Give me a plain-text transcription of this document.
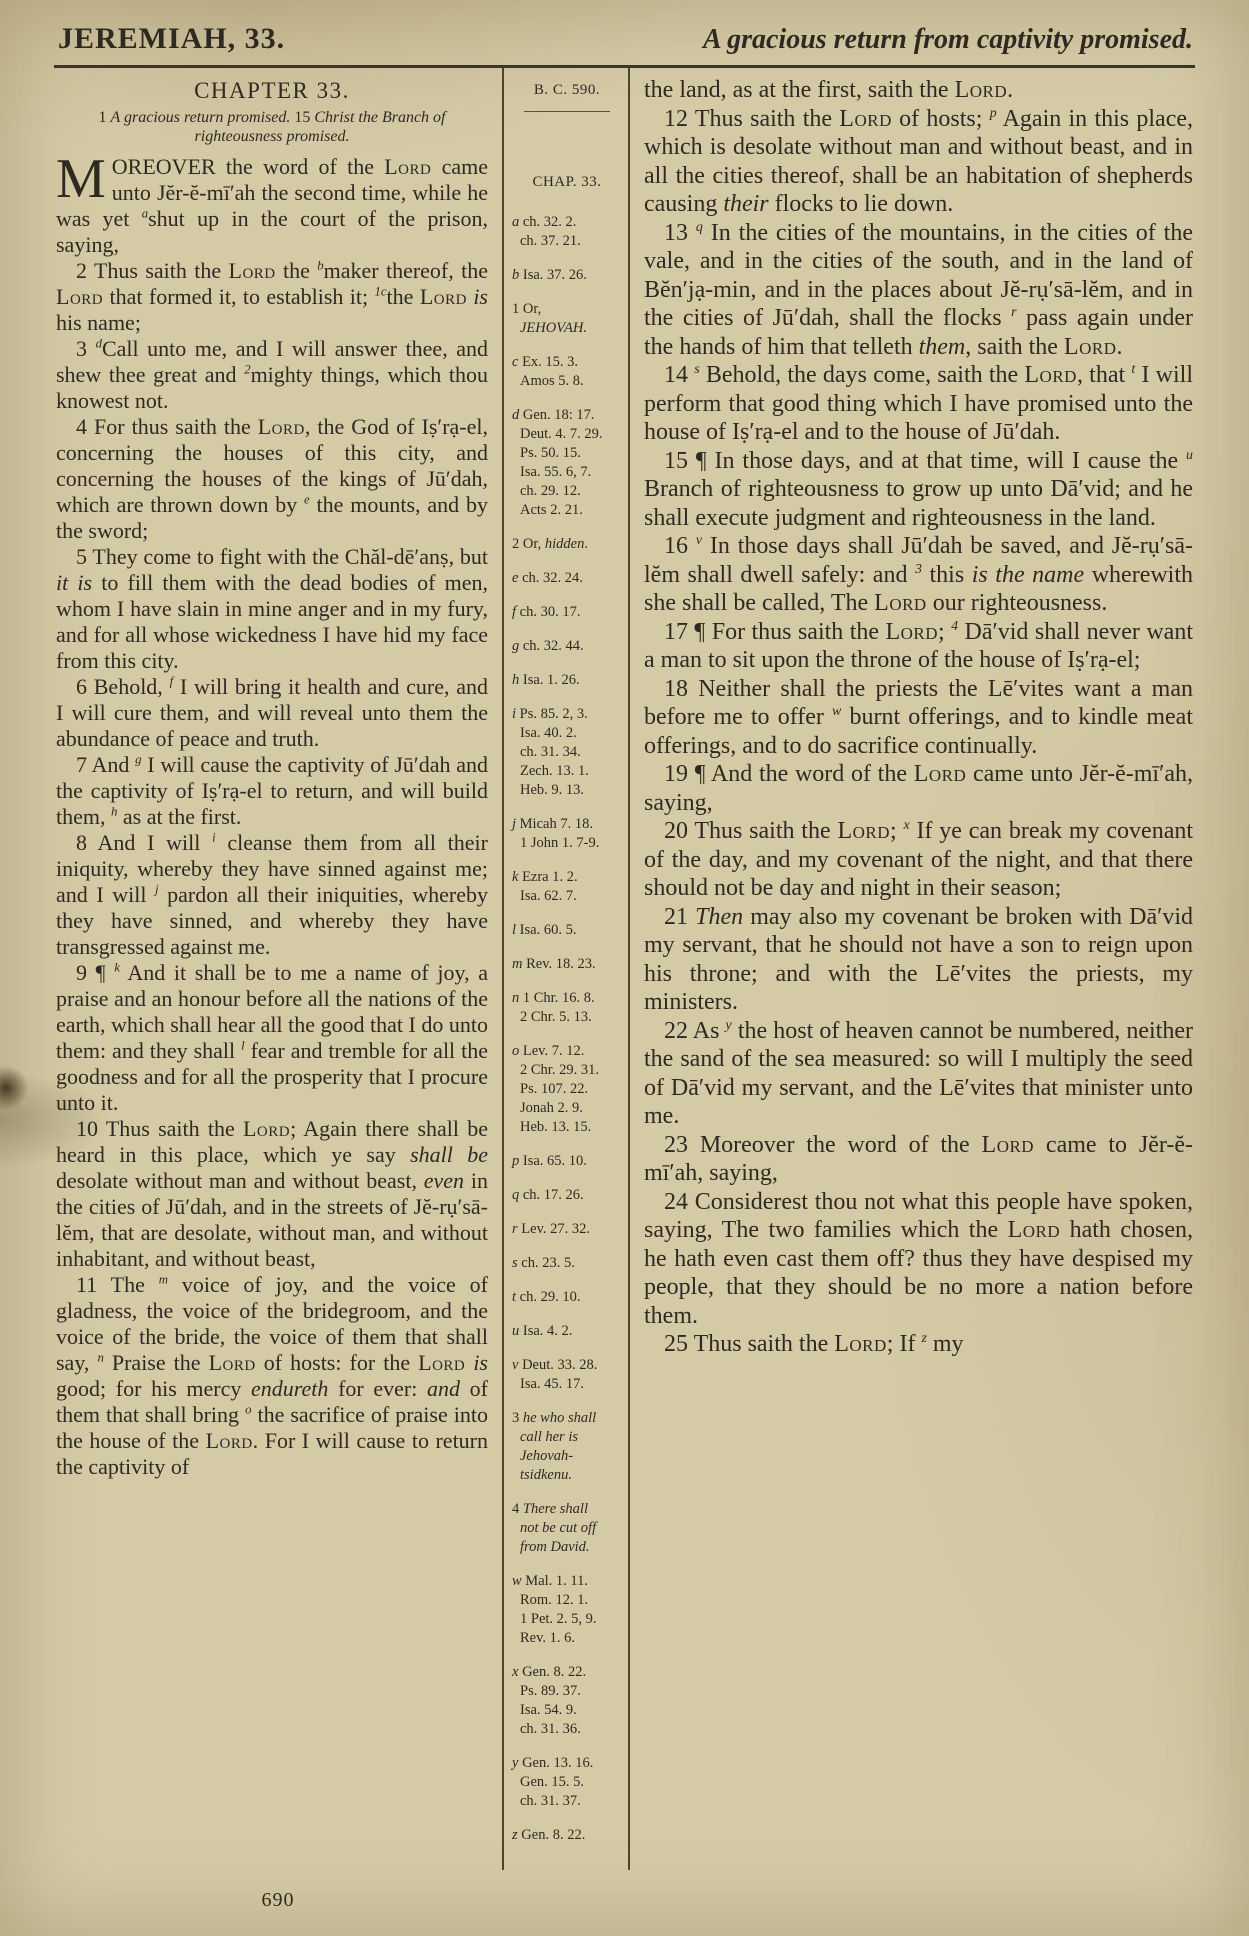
JEREMIAH, 33.	A gracious return from captivity promised.
CHAPTER 33.
1 A gracious return promised. 15 Christ the Branch of righteousness promised.

MOREOVER the word of the Lord came unto Jĕr-ĕ-mī′ah the second time, while he was yet $^a$shut up in the court of the prison, saying,

2 Thus saith the Lord the $^b$maker thereof, the Lord that formed it, to establish it; $^{1c}$the Lord is his name;

3 $^d$Call unto me, and I will answer thee, and shew thee great and $^2$mighty things, which thou knowest not.

4 For thus saith the Lord, the God of Iṣ′rạ-el, concerning the houses of this city, and concerning the houses of the kings of Jū′dah, which are thrown down by $^e$ the mounts, and by the sword;

5 They come to fight with the Chăl-dē′anṣ, but it is to fill them with the dead bodies of men, whom I have slain in mine anger and in my fury, and for all whose wickedness I have hid my face from this city.

6 Behold, $^f$ I will bring it health and cure, and I will cure them, and will reveal unto them the abundance of peace and truth.

7 And $^g$ I will cause the captivity of Jū′dah and the captivity of Iṣ′rạ-el to return, and will build them, $^h$ as at the first.

8 And I will $^i$ cleanse them from all their iniquity, whereby they have sinned against me; and I will $^j$ pardon all their iniquities, whereby they have sinned, and whereby they have transgressed against me.

9 ¶ $^k$ And it shall be to me a name of joy, a praise and an honour before all the nations of the earth, which shall hear all the good that I do unto them: and they shall $^l$ fear and tremble for all the goodness and for all the prosperity that I procure unto it.

10 Thus saith the Lord; Again there shall be heard in this place, which ye say shall be desolate without man and without beast, even in the cities of Jū′dah, and in the streets of Jĕ-rụ′sā-lĕm, that are desolate, without man, and without inhabitant, and without beast,

11 The $^m$ voice of joy, and the voice of gladness, the voice of the bridegroom, and the voice of the bride, the voice of them that shall say, $^n$ Praise the Lord of hosts: for the Lord is good; for his mercy endureth for ever: and of them that shall bring $^o$ the sacrifice of praise into the house of the Lord. For I will cause to return the captivity of

B. C. 590.
CHAP. 33.
a ch. 32. 2.
ch. 37. 21.
b Isa. 37. 26.
1 Or,
JEHOVAH.
c Ex. 15. 3.
Amos 5. 8.
d Gen. 18: 17.
Deut. 4. 7. 29.
Ps. 50. 15.
Isa. 55. 6, 7.
ch. 29. 12.
Acts 2. 21.
2 Or, hidden.
e ch. 32. 24.
f ch. 30. 17.
g ch. 32. 44.
h Isa. 1. 26.
i Ps. 85. 2, 3.
Isa. 40. 2.
ch. 31. 34.
Zech. 13. 1.
Heb. 9. 13.
j Micah 7. 18.
1 John 1. 7-9.
k Ezra 1. 2.
Isa. 62. 7.
l Isa. 60. 5.
m Rev. 18. 23.
n 1 Chr. 16. 8.
2 Chr. 5. 13.
o Lev. 7. 12.
2 Chr. 29. 31.
Ps. 107. 22.
Jonah 2. 9.
Heb. 13. 15.
p Isa. 65. 10.
q ch. 17. 26.
r Lev. 27. 32.
s ch. 23. 5.
t ch. 29. 10.
u Isa. 4. 2.
v Deut. 33. 28.
Isa. 45. 17.
3 he who shall
call her is
Jehovah-
tsidkenu.
4 There shall
not be cut off
from David.
w Mal. 1. 11.
Rom. 12. 1.
1 Pet. 2. 5, 9.
Rev. 1. 6.
x Gen. 8. 22.
Ps. 89. 37.
Isa. 54. 9.
ch. 31. 36.
y Gen. 13. 16.
Gen. 15. 5.
ch. 31. 37.
z Gen. 8. 22.

the land, as at the first, saith the Lord.

12 Thus saith the Lord of hosts; $^p$ Again in this place, which is desolate without man and without beast, and in all the cities thereof, shall be an habitation of shepherds causing their flocks to lie down.

13 $^q$ In the cities of the mountains, in the cities of the vale, and in the cities of the south, and in the land of Bĕn′jạ-min, and in the places about Jĕ-rụ′sā-lĕm, and in the cities of Jū′dah, shall the flocks $^r$ pass again under the hands of him that telleth them, saith the Lord.

14 $^s$ Behold, the days come, saith the Lord, that $^t$ I will perform that good thing which I have promised unto the house of Iṣ′rạ-el and to the house of Jū′dah.

15 ¶ In those days, and at that time, will I cause the $^u$ Branch of righteousness to grow up unto Dā′vid; and he shall execute judgment and righteousness in the land.

16 $^v$ In those days shall Jū′dah be saved, and Jĕ-rụ′sā-lĕm shall dwell safely: and $^3$ this is the name wherewith she shall be called, The Lord our righteousness.

17 ¶ For thus saith the Lord; $^4$ Dā′vid shall never want a man to sit upon the throne of the house of Iṣ′rạ-el;

18 Neither shall the priests the Lē′vites want a man before me to offer $^w$ burnt offerings, and to kindle meat offerings, and to do sacrifice continually.

19 ¶ And the word of the Lord came unto Jĕr-ĕ-mī′ah, saying,

20 Thus saith the Lord; $^x$ If ye can break my covenant of the day, and my covenant of the night, and that there should not be day and night in their season;

21 Then may also my covenant be broken with Dā′vid my servant, that he should not have a son to reign upon his throne; and with the Lē′vites the priests, my ministers.

22 As $^y$ the host of heaven cannot be numbered, neither the sand of the sea measured: so will I multiply the seed of Dā′vid my servant, and the Lē′vites that minister unto me.

23 Moreover the word of the Lord came to Jĕr-ĕ-mī′ah, saying,

24 Considerest thou not what this people have spoken, saying, The two families which the Lord hath chosen, he hath even cast them off? thus they have despised my people, that they should be no more a nation before them.

25 Thus saith the Lord; If $^z$ my

690
